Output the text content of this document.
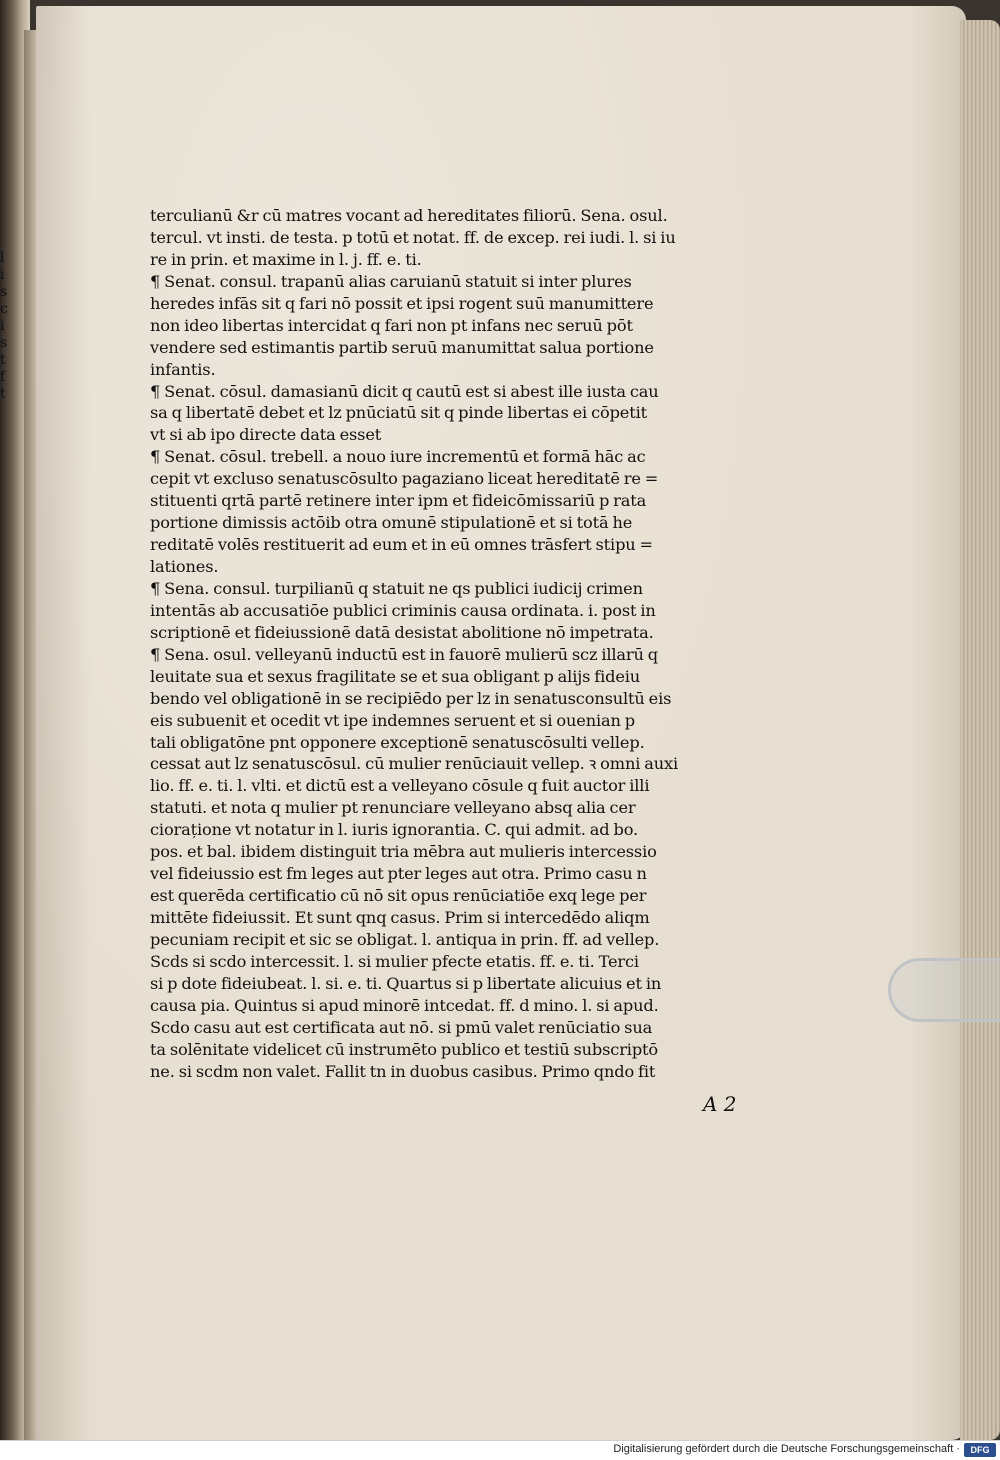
l
i
s
c
i
s
t
f
t
terculianū &r cū matres vocant ad hereditates filiorū. Sena. osul.
tercul. vt insti. de testa. p totū et notat. ff. de excep. rei iudi. l. si iu
re in prin. et maxime in l. j. ff. e. ti.
¶ Senat. consul. trapanū alias caruianū statuit si inter plures
heredes infās sit q fari nō possit et ipsi rogent suū manumittere
non ideo libertas intercidat q fari non pt infans nec seruū pōt
vendere sed estimantis partib seruū manumittat salua portione
infantis.
¶ Senat. cōsul. damasianū dicit q cautū est si abest ille iusta cau
sa q libertatē debet et lz pnūciatū sit q pinde libertas ei cōpetit
vt si ab ipo directe data esset
¶ Senat. cōsul. trebell. a nouo iure incrementū et formā hāc ac
cepit vt excluso senatuscōsulto pagaziano liceat hereditatē re =
stituenti qrtā partē retinere inter ipm et fideicōmissariū p rata
portione dimissis actōib otra omunē stipulationē et si totā he
reditatē volēs restituerit ad eum et in eū omnes trāsfert stipu =
lationes.
¶ Sena. consul. turpilianū q statuit ne qs publici iudicij crimen
intentās ab accusatiōe publici criminis causa ordinata. i. post in
scriptionē et fideiussionē datā desistat abolitione nō impetrata.
¶ Sena. osul. velleyanū inductū est in fauorē mulierū scz illarū q
leuitate sua et sexus fragilitate se et sua obligant p alijs fideiu
bendo vel obligationē in se recipiēdo per lz in senatusconsultū eis
eis subuenit et ocedit vt ipe indemnes seruent et si ouenian p
tali obligatōne pnt opponere exceptionē senatuscōsulti vellep.
cessat aut lz senatuscōsul. cū mulier renūciauit vellep. ꝛ omni auxi
lio. ff. e. ti. l. vlti. et dictū est a velleyano cōsule q fuit auctor illi
statuti. et nota q mulier pt renunciare velleyano absq alia cer
ciorațione vt notatur in l. iuris ignorantia. C. qui admit. ad bo.
pos. et bal. ibidem distinguit tria mēbra aut mulieris intercessio
vel fideiussio est fm leges aut pter leges aut otra. Primo casu n
est querēda certificatio cū nō sit opus renūciatiōe exq lege per
mittēte fideiussit. Et sunt qnq casus. Prim si intercedēdo aliqm
pecuniam recipit et sic se obligat. l. antiqua in prin. ff. ad vellep.
Scds si scdo intercessit. l. si mulier pfecte etatis. ff. e. ti. Terci
si p dote fideiubeat. l. si. e. ti. Quartus si p libertate alicuius et in
causa pia. Quintus si apud minorē intcedat. ff. d mino. l. si apud.
Scdo casu aut est certificata aut nō. si pmū valet renūciatio sua
ta solēnitate videlicet cū instrumēto publico et testiū subscriptō
ne. si scdm non valet. Fallit tn in duobus casibus. Primo qndo fit
A 2
Digitalisierung gefördert durch die Deutsche Forschungsgemeinschaft ·	DFG
